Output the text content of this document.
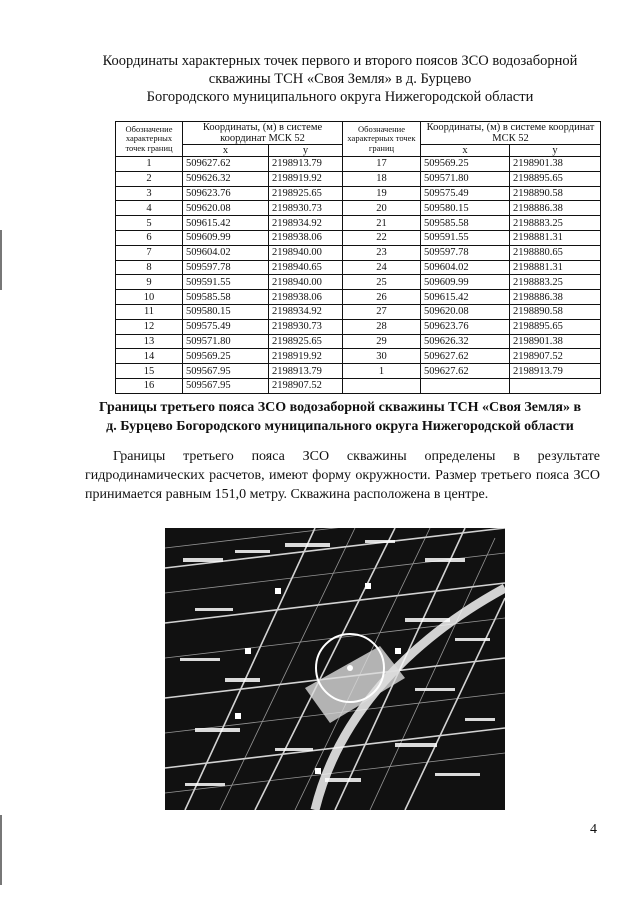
Координаты характерных точек первого и второго поясов ЗСО водозаборной
скважины ТСН «Своя Земля» в д. Бурцево
Богородского муниципального округа Нижегородской области
Обозначение характерных точек границ	Координаты, (м) в системе координат МСК 52		Обозначение характерных точек границ	Координаты, (м) в системе координат МСК 52	
	x	y		x	y
1	509627.62	2198913.79	17	509569.25	2198901.38
2	509626.32	2198919.92	18	509571.80	2198895.65
3	509623.76	2198925.65	19	509575.49	2198890.58
4	509620.08	2198930.73	20	509580.15	2198886.38
5	509615.42	2198934.92	21	509585.58	2198883.25
6	509609.99	2198938.06	22	509591.55	2198881.31
7	509604.02	2198940.00	23	509597.78	2198880.65
8	509597.78	2198940.65	24	509604.02	2198881.31
9	509591.55	2198940.00	25	509609.99	2198883.25
10	509585.58	2198938.06	26	509615.42	2198886.38
11	509580.15	2198934.92	27	509620.08	2198890.58
12	509575.49	2198930.73	28	509623.76	2198895.65
13	509571.80	2198925.65	29	509626.32	2198901.38
14	509569.25	2198919.92	30	509627.62	2198907.52
15	509567.95	2198913.79	1	509627.62	2198913.79
16	509567.95	2198907.52			
Границы третьего пояса ЗСО водозаборной скважины ТСН «Своя Земля» в
д. Бурцево Богородского муниципального округа Нижегородской области
Границы третьего пояса ЗСО скважины определены в результате гидродинамических расчетов, имеют форму окружности. Размер третьего пояса ЗСО принимается равным 151,0 метру. Скважина расположена в центре.
4
